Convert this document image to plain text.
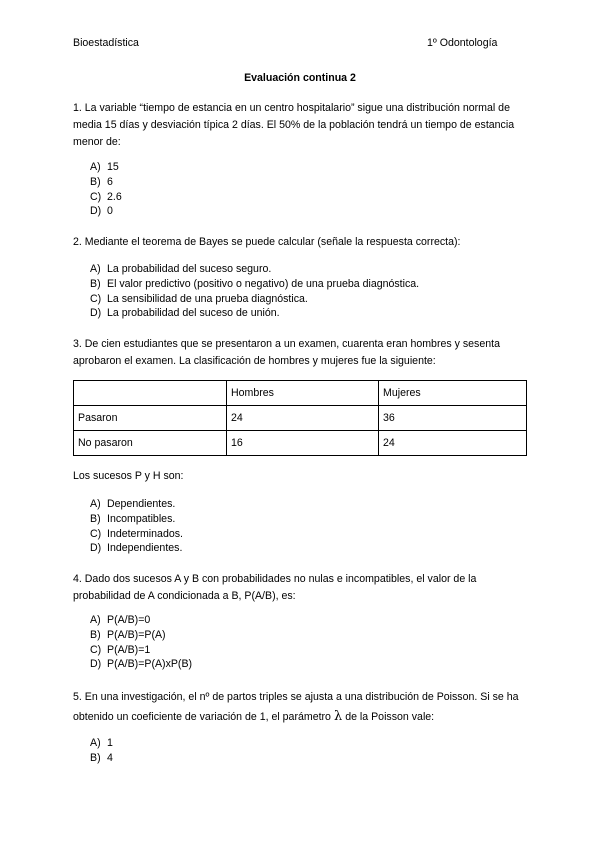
Bioestadística	1º Odontología
Evaluación continua 2

1. La variable “tiempo de estancia en un centro hospitalario” sigue una distribución normal de media 15 días y desviación típica 2 días. El 50% de la población tendrá un tiempo de estancia menor de:

A) 15
B) 6
C) 2.6
D) 0

2. Mediante el teorema de Bayes se puede calcular (señale la respuesta correcta):

A) La probabilidad del suceso seguro.
B) El valor predictivo (positivo o negativo) de una prueba diagnóstica.
C) La sensibilidad de una prueba diagnóstica.
D) La probabilidad del suceso de unión.

3. De cien estudiantes que se presentaron a un examen, cuarenta eran hombres y sesenta aprobaron el examen. La clasificación de hombres y mujeres fue la siguiente:

	Hombres	Mujeres
Pasaron	24	36
No pasaron	16	24

Los sucesos P y H son:

A) Dependientes.
B) Incompatibles.
C) Indeterminados.
D) Independientes.

4. Dado dos sucesos A y B con probabilidades no nulas e incompatibles, el valor de la probabilidad de A condicionada a B, P(A/B), es:

A) P(A/B)=0
B) P(A/B)=P(A)
C) P(A/B)=1
D) P(A/B)=P(A)xP(B)

5. En una investigación, el nº de partos triples se ajusta a una distribución de Poisson. Si se ha obtenido un coeficiente de variación de 1, el parámetro λ de la Poisson vale:

A) 1
B) 4
